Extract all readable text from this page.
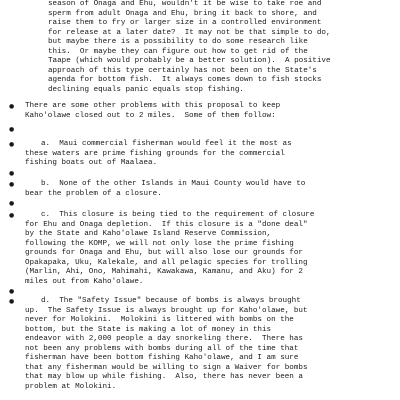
season of Onaga and Ehu, wouldn't it be wise to take roe and
sperm from adult Onaga and Ehu, bring it back to shore, and
raise them to fry or larger size in a controlled environment
for release at a later date?  It may not be that simple to do,
but maybe there is a possibility to do some research like
this.  Or maybe they can figure out how to get rid of the
Taape (which would probably be a better solution).  A positive
approach of this type certainly has not been on the State's
agenda for bottom fish.  It always comes down to fish stocks
declining equals panic equals stop fishing.
● There are some other problems with this proposal to keep
Kaho'olawe closed out to 2 miles.  Some of them follow:
●
●	a.  Maui commercial fisherman would feel it the most as
these waters are prime fishing grounds for the commercial
fishing boats out of Maalaea.
●
●	b.  None of the other Islands in Maui County would have to
bear the problem of a closure.
●
●	c.  This closure is being tied to the requirement of closure
for Ehu and Onaga depletion.  If this closure is a "done deal"
by the State and Kaho'olawe Island Reserve Commission,
following the KOMP, we will not only lose the prime fishing
grounds for Onaga and Ehu, but will also lose our grounds for
Opakapaka, Uku, Kalekale, and all pelagic species for trolling
(Marlin, Ahi, Ono, Mahimahi, Kawakawa, Kamanu, and Aku) for 2
miles out from Kaho'olawe.
●
●	d.  The "Safety Issue" because of bombs is always brought
up.  The Safety Issue is always brought up for Kaho'olawe, but
never for Molokini.  Molokini is littered with bombs on the
bottom, but the State is making a lot of money in this
endeavor with 2,000 people a day snorkeling there.  There has
not been any problems with bombs during all of the time that
fisherman have been bottom fishing Kaho'olawe, and I am sure
that any fisherman would be willing to sign a Waiver for bombs
that may blow up while fishing.  Also, there has never been a
problem at Molokini.
